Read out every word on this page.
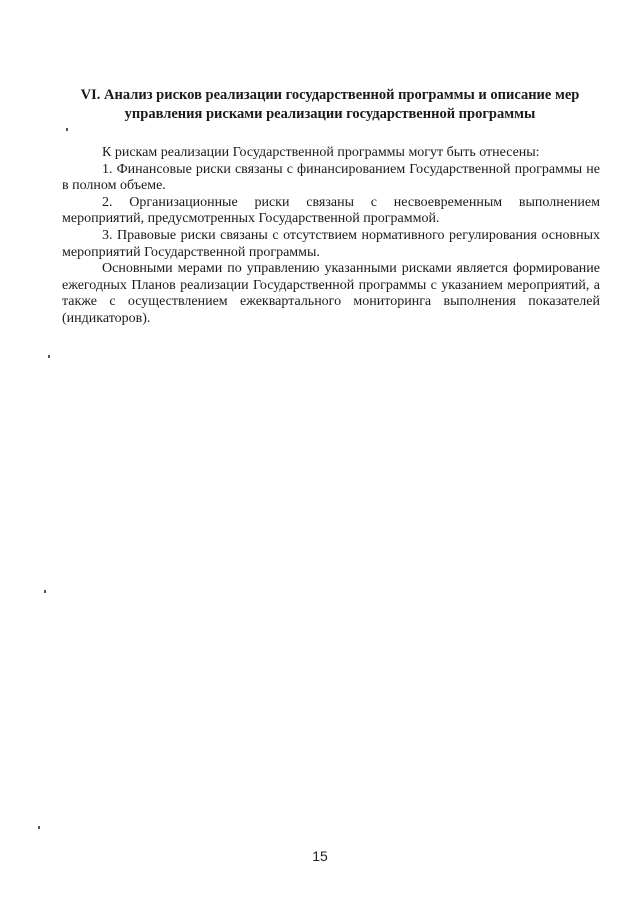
VI. Анализ рисков реализации государственной программы и описание мер
управления рисками реализации государственной программы

К рискам реализации Государственной программы могут быть отнесены:

1. Финансовые риски связаны с финансированием Государственной программы не в полном объеме.

2. Организационные риски связаны с несвоевременным выполнением мероприятий, предусмотренных Государственной программой.

3. Правовые риски связаны с отсутствием нормативного регулирования основных мероприятий Государственной программы.

Основными мерами по управлению указанными рисками является формирование ежегодных Планов реализации Государственной программы с указанием мероприятий, а также с осуществлением ежеквартального мониторинга выполнения показателей (индикаторов).

15
